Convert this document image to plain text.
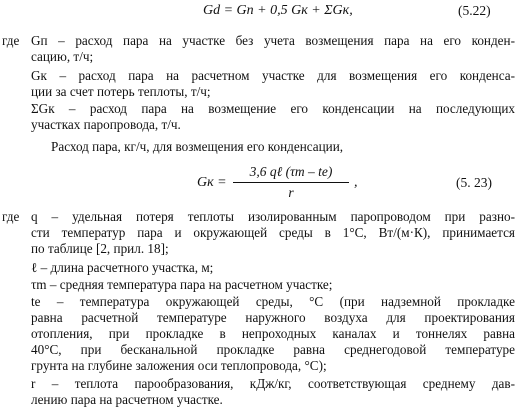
Gd = Gп + 0,5 Gк + ΣGк,	(5.22)
где Gп – расход пара на участке без учета возмещения пара на его конден-
сацию, т/ч;
Gк – расход пара на расчетном участке для возмещения его конденса-
ции за счет потерь теплоты, т/ч;
ΣGк – расход пара на возмещение его конденсации на последующих
участках паропровода, т/ч.
Расход пара, кг/ч, для возмещения его конденсации,
Gк =
3,6 qℓ (τm – te)
r
,	(5. 23)
где q – удельная потеря теплоты изолированным паропроводом при разно-
сти температур пара и окружающей среды в 1°С, Вт/(м·К), принимается
по таблице [2, прил. 18];
ℓ – длина расчетного участка, м;
τm – средняя температура пара на расчетном участке;
te – температура окружающей среды, °С (при надземной прокладке
равна расчетной температуре наружного воздуха для проектирования
отопления, при прокладке в непроходных каналах и тоннелях равна
40°С, при бесканальной прокладке равна среднегодовой температуре
грунта на глубине заложения оси теплопровода, °С);
r – теплота парообразования, кДж/кг, соответствующая среднему дав-
лению пара на расчетном участке.
